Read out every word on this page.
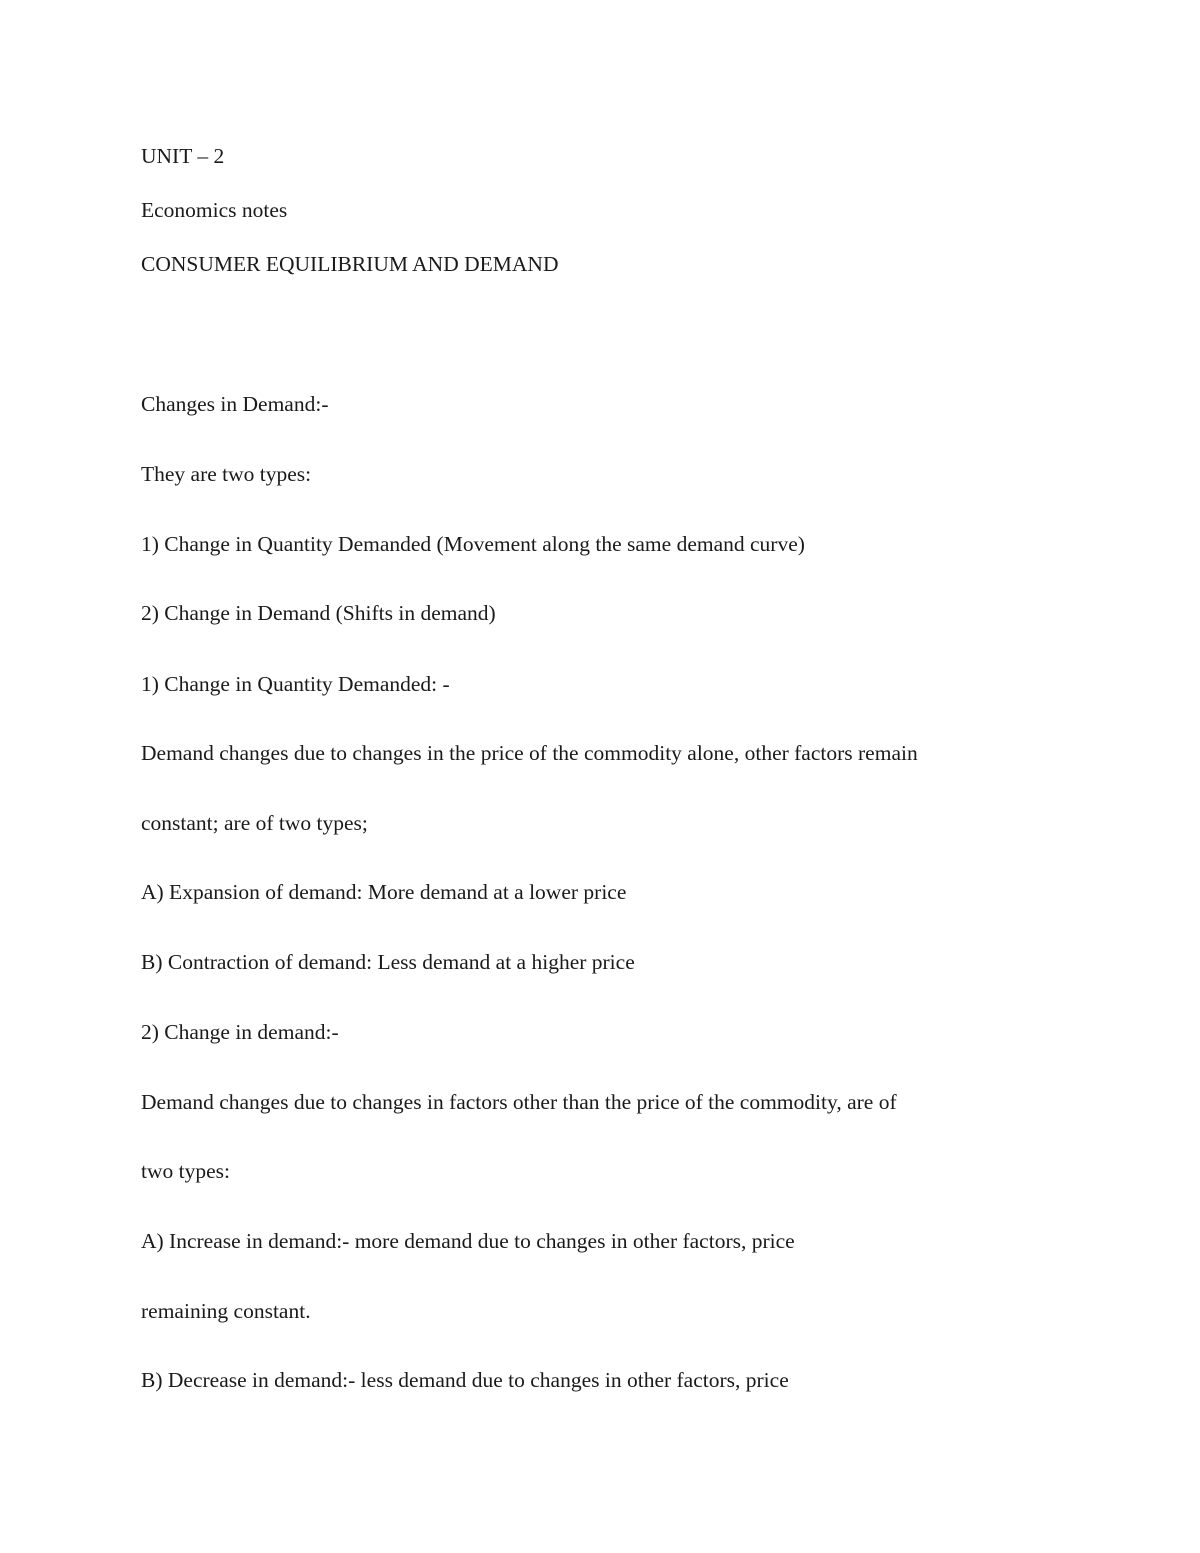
UNIT – 2

Economics notes

CONSUMER EQUILIBRIUM AND DEMAND

Changes in Demand:-

They are two types:

1) Change in Quantity Demanded (Movement along the same demand curve)

2) Change in Demand (Shifts in demand)

1) Change in Quantity Demanded: -

Demand changes due to changes in the price of the commodity alone, other factors remain

constant; are of two types;

A) Expansion of demand: More demand at a lower price

B) Contraction of demand: Less demand at a higher price

2) Change in demand:-

Demand changes due to changes in factors other than the price of the commodity, are of

two types:

A) Increase in demand:- more demand due to changes in other factors, price

remaining constant.

B) Decrease in demand:- less demand due to changes in other factors, price
